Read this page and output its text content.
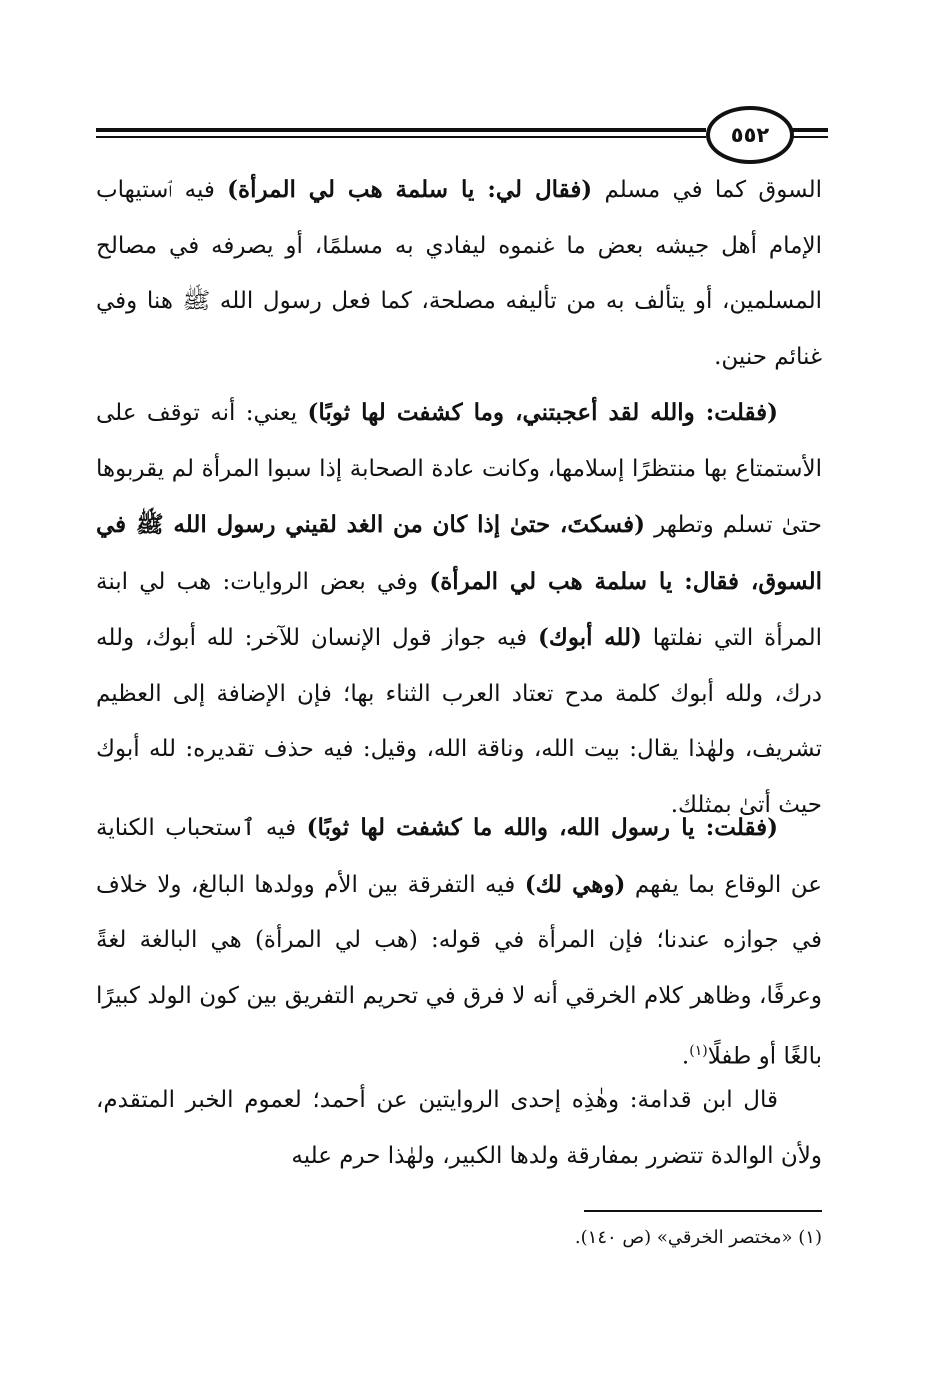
٥٥٢

السوق كما في مسلم (فقال لي: يا سلمة هب لي المرأة) فيه ٱستيهاب الإمام أهل جيشه بعض ما غنموه ليفادي به مسلمًا، أو يصرفه في مصالح المسلمين، أو يتألف به من تأليفه مصلحة، كما فعل رسول الله ﷺ هنا وفي غنائم حنين.

(فقلت: والله لقد أعجبتني، وما كشفت لها ثوبًا) يعني: أنه توقف على الأستمتاع بها منتظرًا إسلامها، وكانت عادة الصحابة إذا سبوا المرأة لم يقربوها حتىٰ تسلم وتطهر (فسكتَ، حتىٰ إذا كان من الغد لقيني رسول الله ﷺ في السوق، فقال: يا سلمة هب لي المرأة) وفي بعض الروايات: هب لي ابنة المرأة التي نفلتها (لله أبوك) فيه جواز قول الإنسان للآخر: لله أبوك، ولله درك، ولله أبوك كلمة مدح تعتاد العرب الثناء بها؛ فإن الإضافة إلى العظيم تشريف، ولهٰذا يقال: بيت الله، وناقة الله، وقيل: فيه حذف تقديره: لله أبوك حيث أتىٰ بمثلك.

(فقلت: يا رسول الله، والله ما كشفت لها ثوبًا) فيه ٱستحباب الكناية عن الوقاع بما يفهم (وهي لك) فيه التفرقة بين الأم وولدها البالغ، ولا خلاف في جوازه عندنا؛ فإن المرأة في قوله: (هب لي المرأة) هي البالغة لغةً وعرفًا، وظاهر كلام الخرقي أنه لا فرق في تحريم التفريق بين كون الولد كبيرًا بالغًا أو طفلًا$^{(١)}$.

قال ابن قدامة: وهٰذِه إحدى الروايتين عن أحمد؛ لعموم الخبر المتقدم، ولأن الوالدة تتضرر بمفارقة ولدها الكبير، ولهٰذا حرم عليه

(١) «مختصر الخرقي» (ص ١٤٠).
